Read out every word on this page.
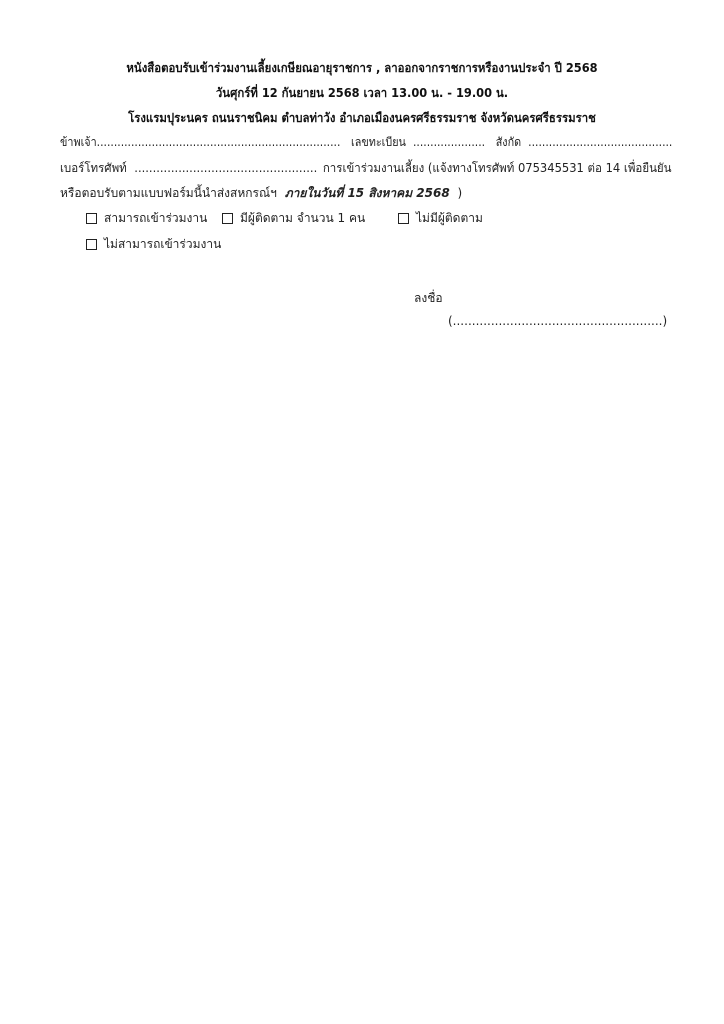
หนังสือตอบรับเข้าร่วมงานเลี้ยงเกษียณอายุราชการ , ลาออกจากราชการหรืองานประจำ ปี 2568
วันศุกร์ที่ 12 กันยายน 2568 เวลา 13.00 น. - 19.00 น.
โรงแรมปุระนคร ถนนราชนิคม ตำบลท่าวัง อำเภอเมืองนครศรีธรรมราช จังหวัดนครศรีธรรมราช
ข้าพเจ้า....................................................................... เลขทะเบียน ..................... สังกัด ..........................................
เบอร์โทรศัพท์ .................................................. การเข้าร่วมงานเลี้ยง (แจ้งทางโทรศัพท์ 075345531 ต่อ 14 เพื่อยืนยัน
หรือตอบรับตามแบบฟอร์มนี้นำส่งสหกรณ์ฯ ภายในวันที่ 15 สิงหาคม 2568 )
สามารถเข้าร่วมงาน	มีผู้ติดตาม จำนวน 1 คน	ไม่มีผู้ติดตาม
ไม่สามารถเข้าร่วมงาน
ลงชื่อ
(.......................................................)
